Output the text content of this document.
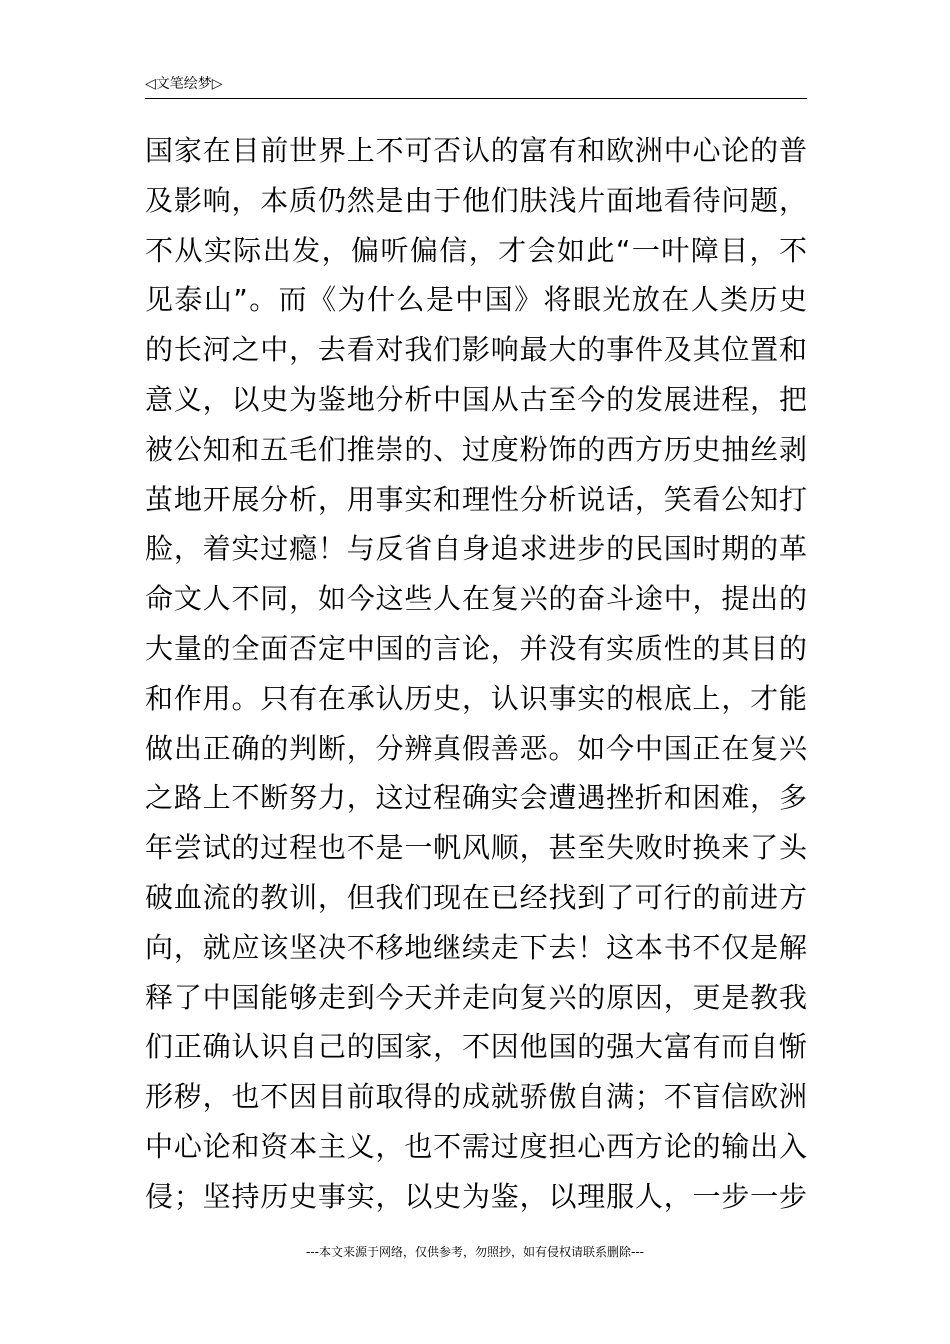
◁文笔绘梦▷
国家在目前世界上不可否认的富有和欧洲中心论的普
及影响，本质仍然是由于他们肤浅片面地看待问题，
不从实际出发，偏听偏信，才会如此“一叶障目，不
见泰山”。而《为什么是中国》将眼光放在人类历史
的长河之中，去看对我们影响最大的事件及其位置和
意义，以史为鉴地分析中国从古至今的发展进程，把
被公知和五毛们推崇的、过度粉饰的西方历史抽丝剥
茧地开展分析，用事实和理性分析说话，笑看公知打
脸，着实过瘾！与反省自身追求进步的民国时期的革
命文人不同，如今这些人在复兴的奋斗途中，提出的
大量的全面否定中国的言论，并没有实质性的其目的
和作用。只有在承认历史，认识事实的根底上，才能
做出正确的判断，分辨真假善恶。如今中国正在复兴
之路上不断努力，这过程确实会遭遇挫折和困难，多
年尝试的过程也不是一帆风顺，甚至失败时换来了头
破血流的教训，但我们现在已经找到了可行的前进方
向，就应该坚决不移地继续走下去！这本书不仅是解
释了中国能够走到今天并走向复兴的原因，更是教我
们正确认识自己的国家，不因他国的强大富有而自惭
形秽，也不因目前取得的成就骄傲自满；不盲信欧洲
中心论和资本主义，也不需过度担心西方论的输出入
侵；坚持历史事实，以史为鉴，以理服人，一步一步
---本文来源于网络，仅供参考，勿照抄，如有侵权请联系删除---
